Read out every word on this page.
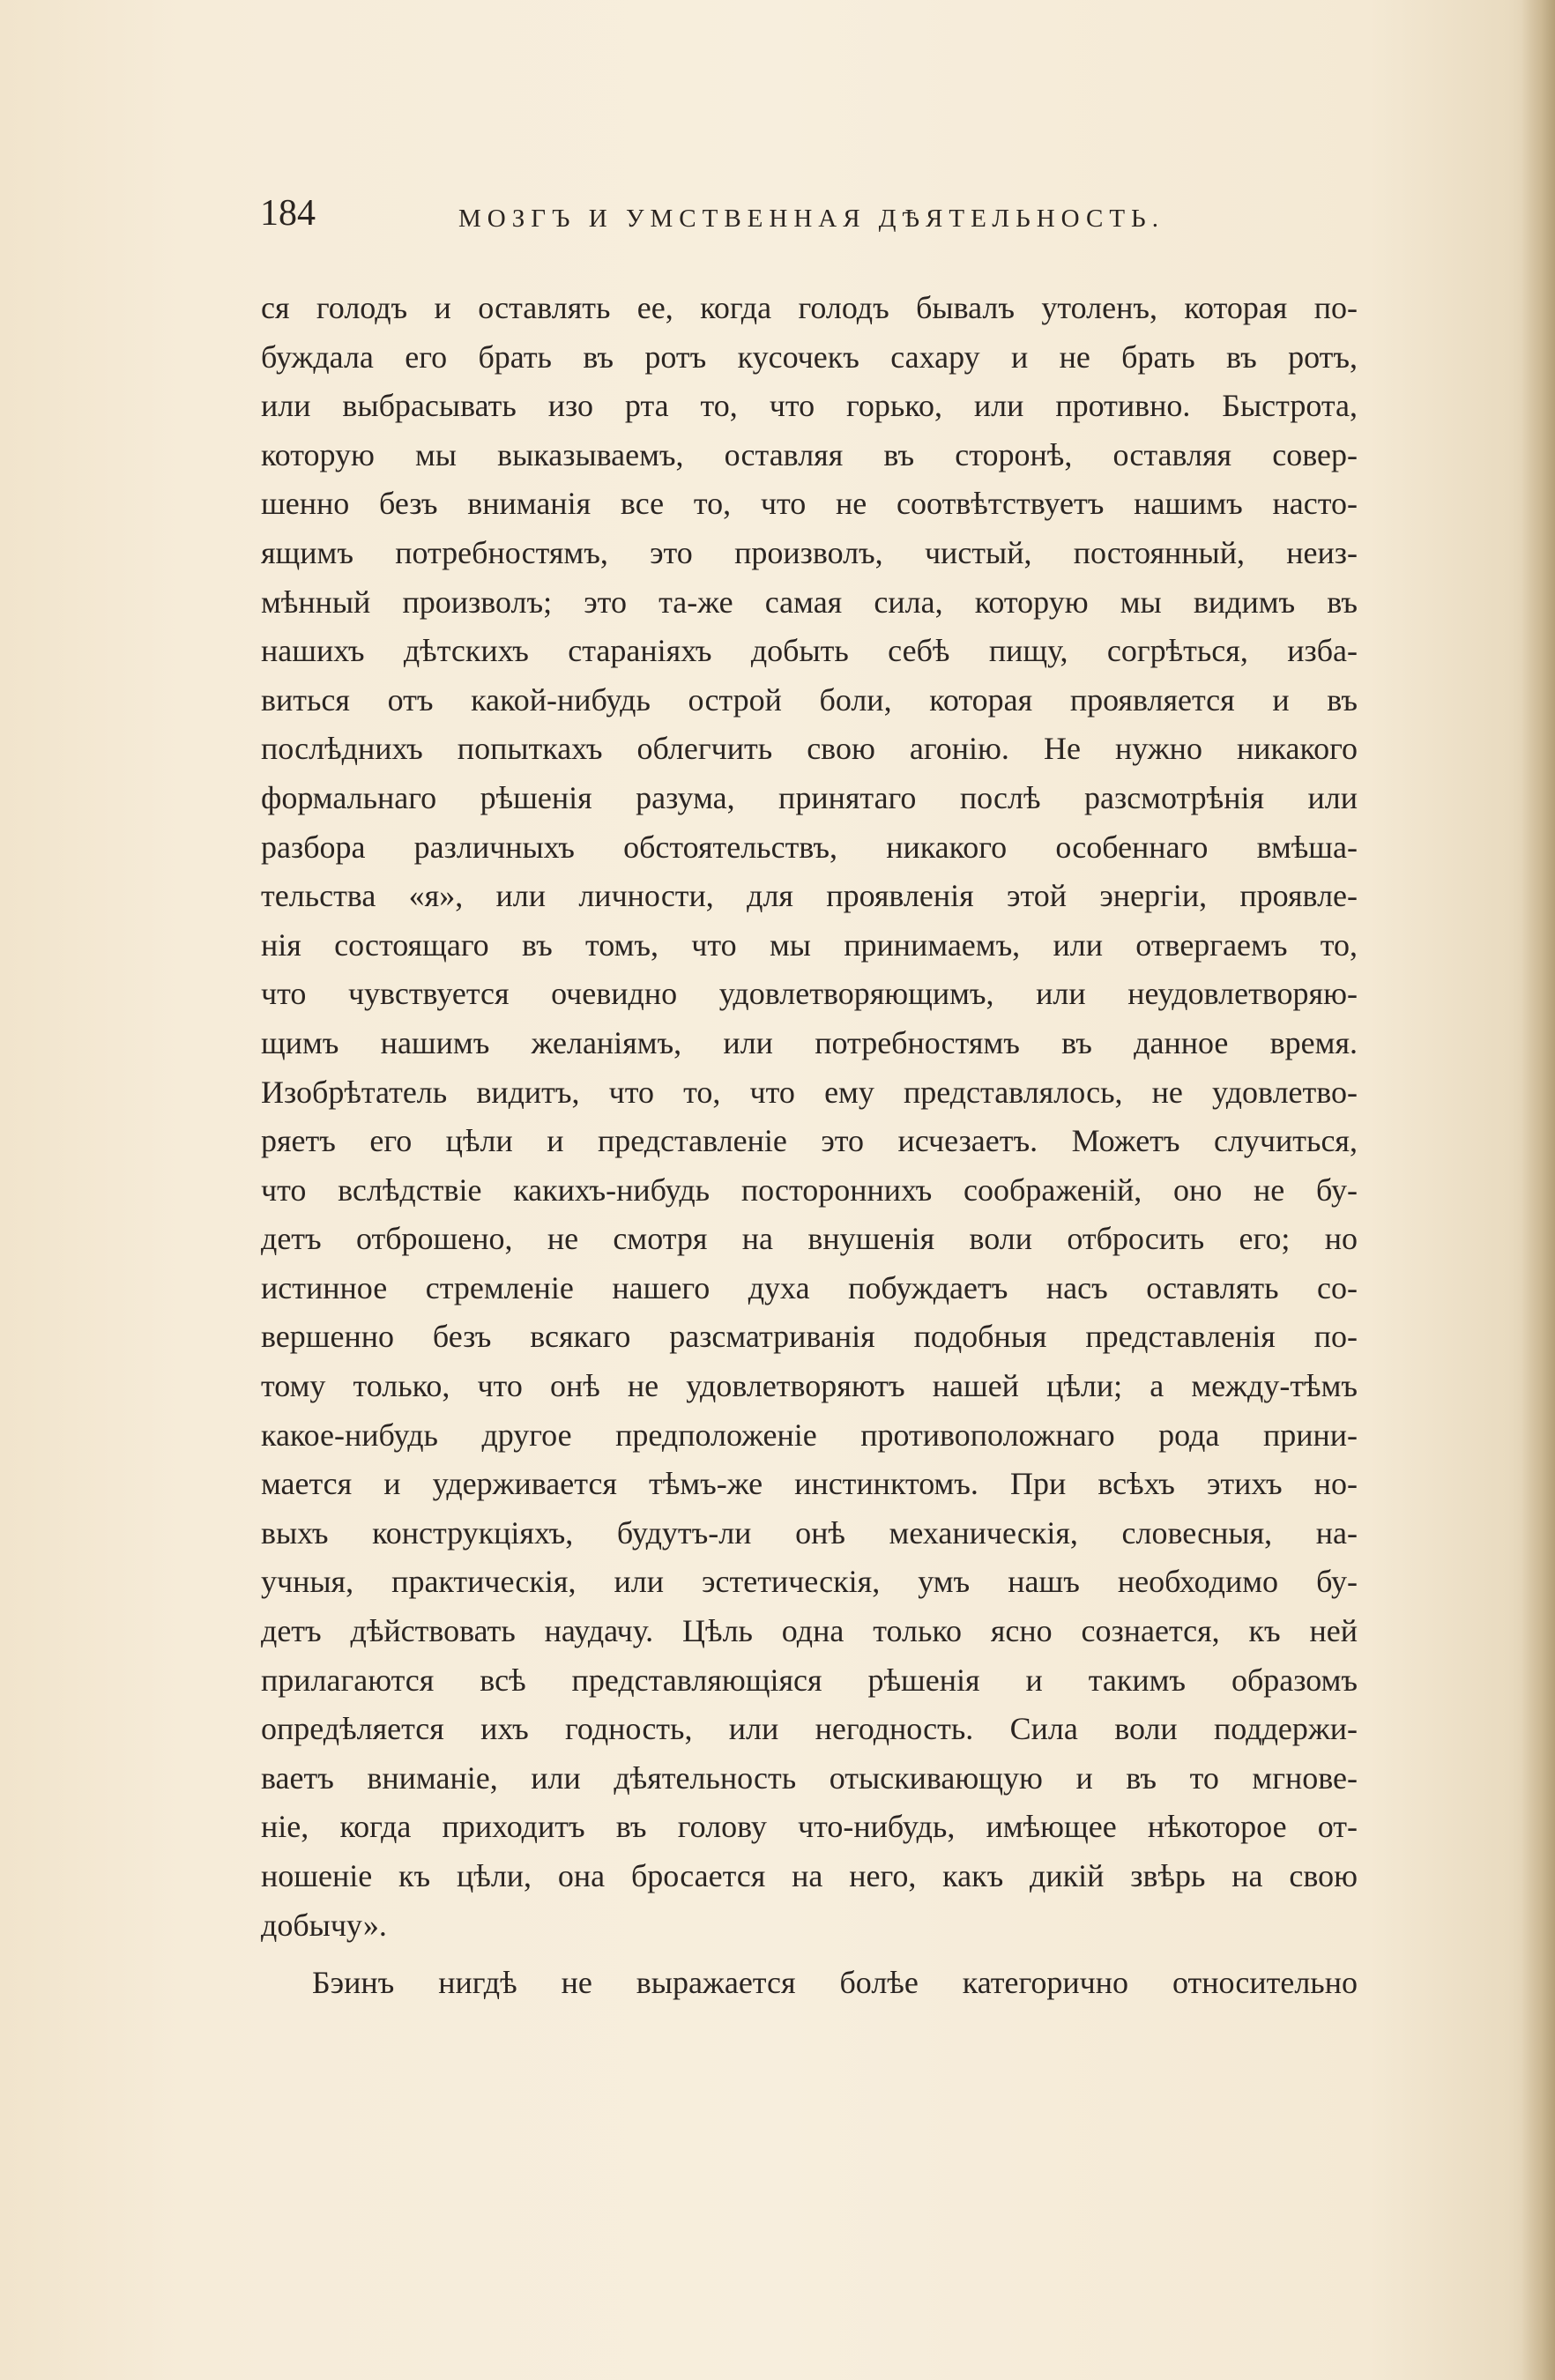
184	МОЗГЪ И УМСТВЕННАЯ ДѢЯТЕЛЬНОСТЬ.
ся голодъ и оставлять ее, когда голодъ бывалъ утоленъ, которая по-
буждала его брать въ ротъ кусочекъ сахару и не брать въ ротъ,
или выбрасывать изо рта то, что горько, или противно. Быстрота,
которую мы выказываемъ, оставляя въ сторонѣ, оставляя совер-
шенно безъ вниманія все то, что не соотвѣтствуетъ нашимъ насто-
ящимъ потребностямъ, это произволъ, чистый, постоянный, неиз-
мѣнный произволъ; это та-же самая сила, которую мы видимъ въ
нашихъ дѣтскихъ стараніяхъ добыть себѣ пищу, согрѣться, избa-
виться отъ какой-нибудь острой боли, которая проявляется и въ
послѣднихъ попыткахъ облегчить свою агонію. Не нужно никакого
формальнаго рѣшенія разума, принятаго послѣ разсмотрѣнія или
разбора различныхъ обстоятельствъ, никакого особеннаго вмѣша-
тельства «я», или личности, для проявленія этой энергіи, проявле-
нія состоящаго въ томъ, что мы принимаемъ, или отвергаемъ то,
что чувствуется очевидно удовлетворяющимъ, или неудовлетворяю-
щимъ нашимъ желаніямъ, или потребностямъ въ данное время.
Изобрѣтатель видитъ, что то, что ему представлялось, не удовлетво-
ряетъ его цѣли и представленіе это исчезаетъ. Можетъ случиться,
что вслѣдствіе какихъ-нибудь постороннихъ соображеній, оно не бу-
детъ отброшено, не смотря на внушенія воли отбросить его; но
истинное стремленіе нашего духа побуждаетъ насъ оставлять со-
вершенно безъ всякаго разсматриванія подобныя представленія по-
тому только, что онѣ не удовлетворяютъ нашей цѣли; а между-тѣмъ
какое-нибудь другое предположеніе противоположнаго рода прини-
мается и удерживается тѣмъ-же инстинктомъ. При всѣхъ этихъ но-
выхъ конструкціяхъ, будутъ-ли онѣ механическія, словесныя, на-
учныя, практическія, или эстетическія, умъ нашъ необходимо бу-
детъ дѣйствовать наудачу. Цѣль одна только ясно сознается, къ ней
прилагаются всѣ представляющіяся рѣшенія и такимъ образомъ
опредѣляется ихъ годность, или негодность. Сила воли поддержи-
ваетъ вниманіе, или дѣятельность отыскивающую и въ то мгнове-
ніе, когда приходитъ въ голову что-нибудь, имѣющее нѣкоторое от-
ношеніе къ цѣли, она бросается на него, какъ дикій звѣрь на свою
добычу».
Бэинъ нигдѣ не выражается болѣе категорично относительно
